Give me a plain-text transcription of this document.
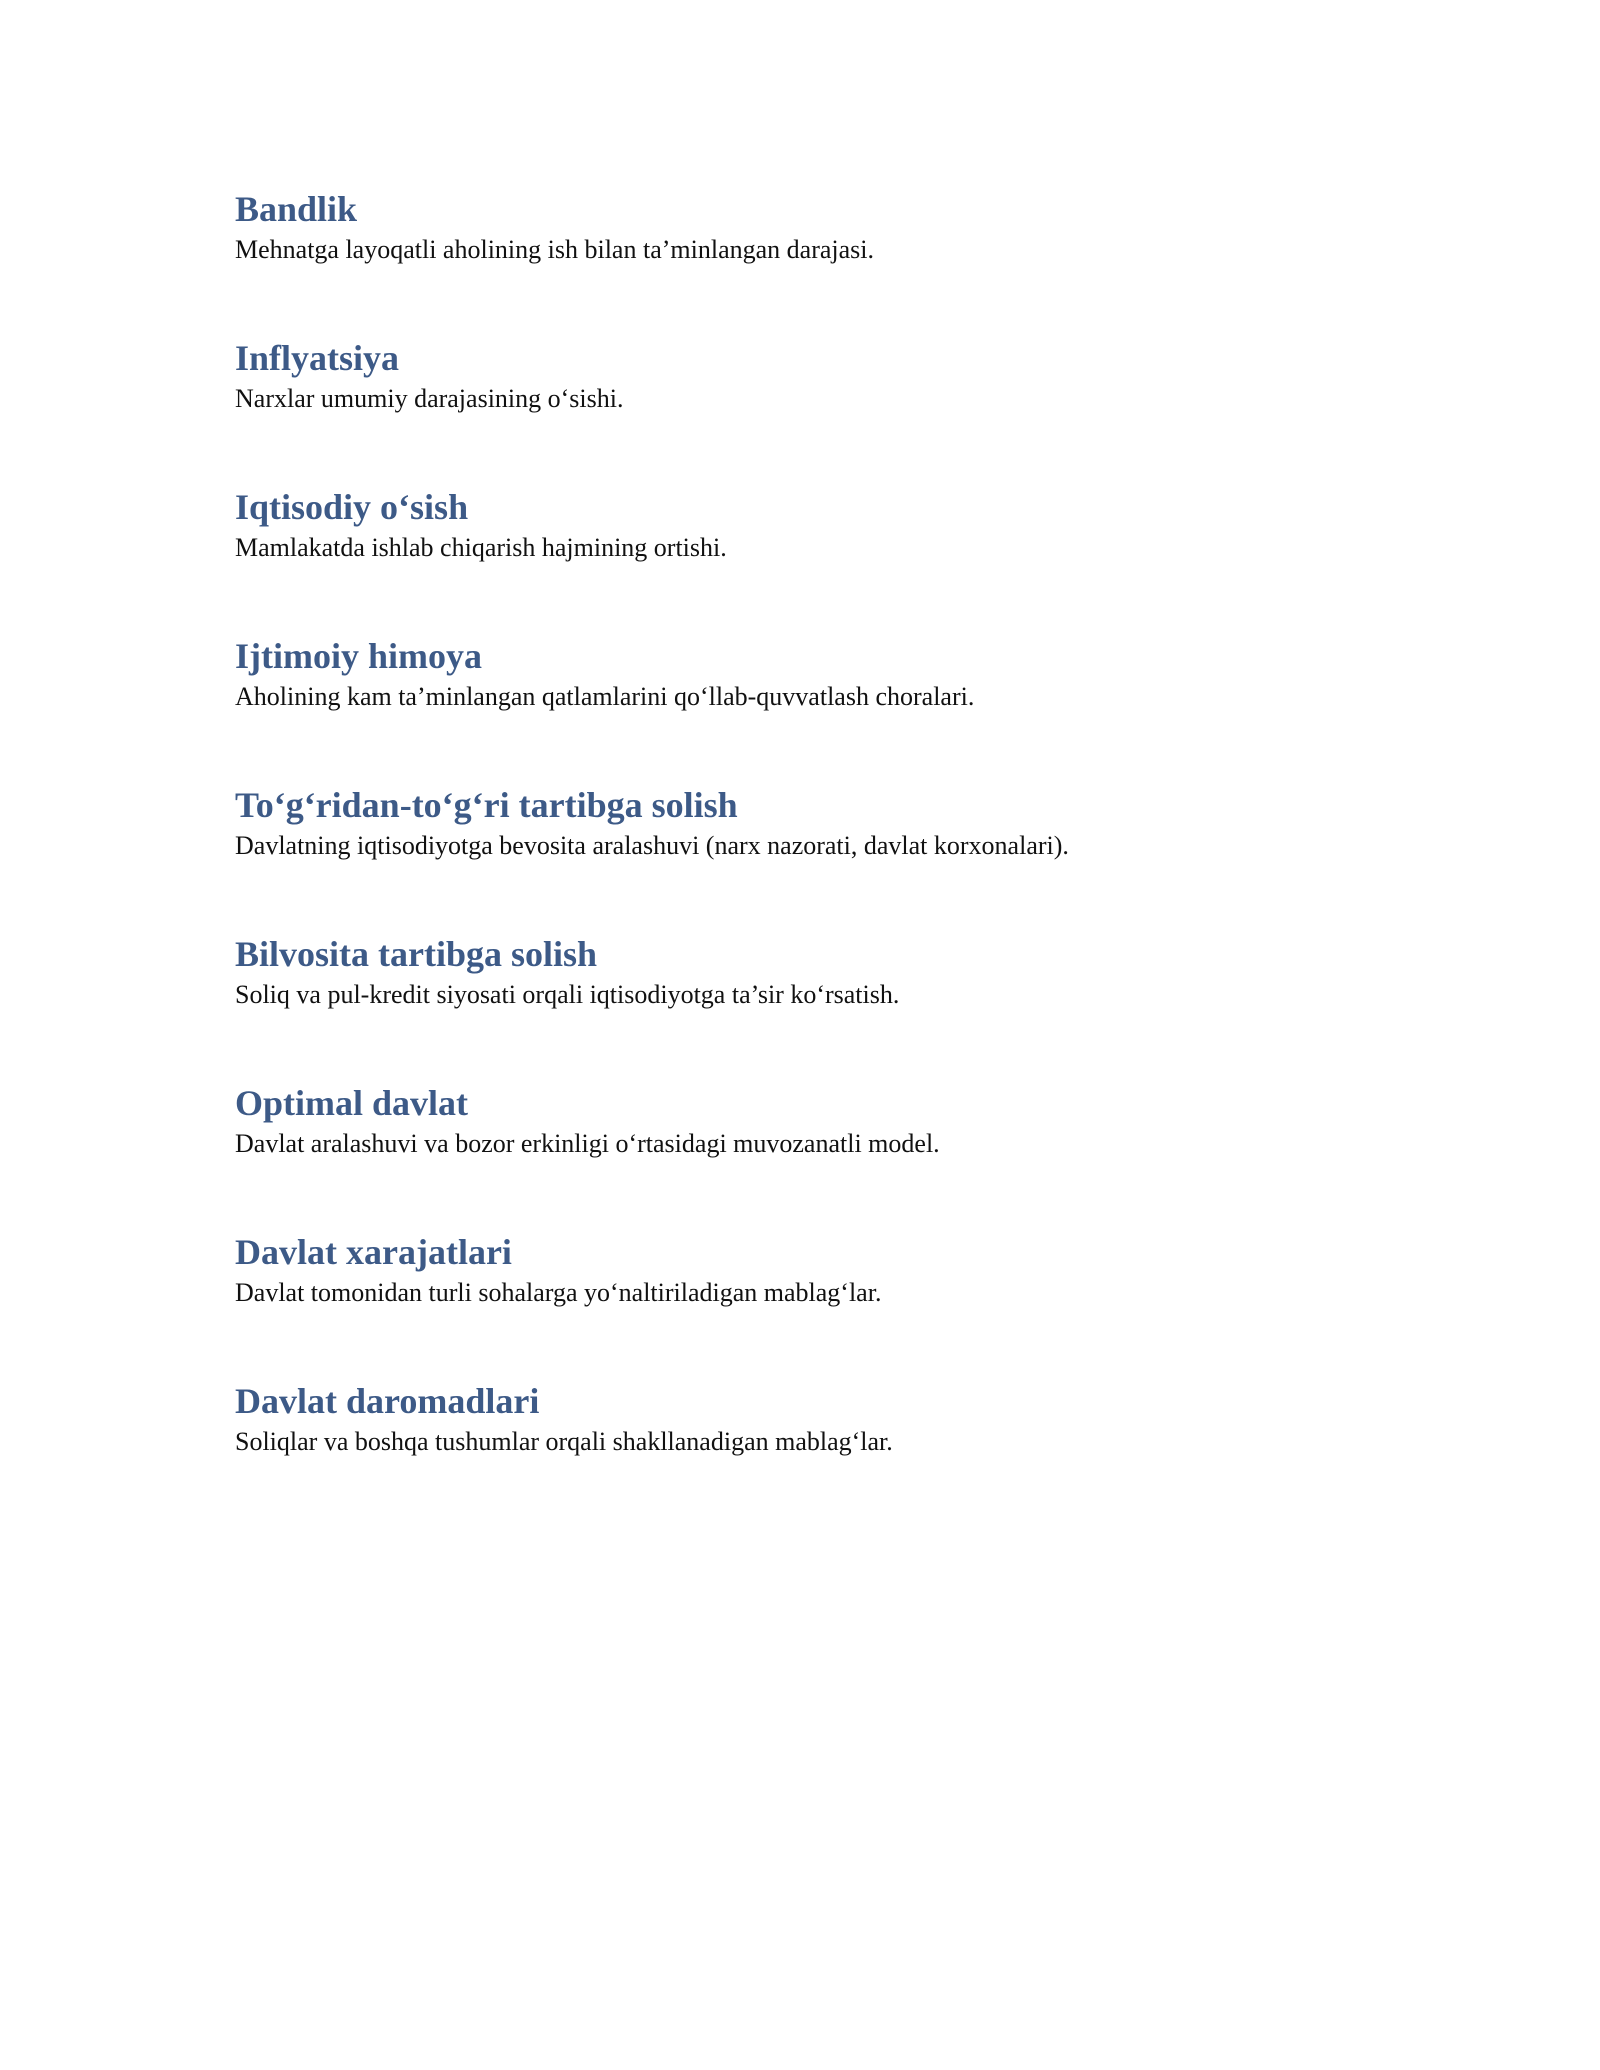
Bandlik

Mehnatga layoqatli aholining ish bilan ta’minlangan darajasi.

Inflyatsiya

Narxlar umumiy darajasining o‘sishi.

Iqtisodiy o‘sish

Mamlakatda ishlab chiqarish hajmining ortishi.

Ijtimoiy himoya

Aholining kam ta’minlangan qatlamlarini qo‘llab-quvvatlash choralari.

To‘g‘ridan-to‘g‘ri tartibga solish

Davlatning iqtisodiyotga bevosita aralashuvi (narx nazorati, davlat korxonalari).

Bilvosita tartibga solish

Soliq va pul-kredit siyosati orqali iqtisodiyotga ta’sir ko‘rsatish.

Optimal davlat

Davlat aralashuvi va bozor erkinligi o‘rtasidagi muvozanatli model.

Davlat xarajatlari

Davlat tomonidan turli sohalarga yo‘naltiriladigan mablag‘lar.

Davlat daromadlari

Soliqlar va boshqa tushumlar orqali shakllanadigan mablag‘lar.
